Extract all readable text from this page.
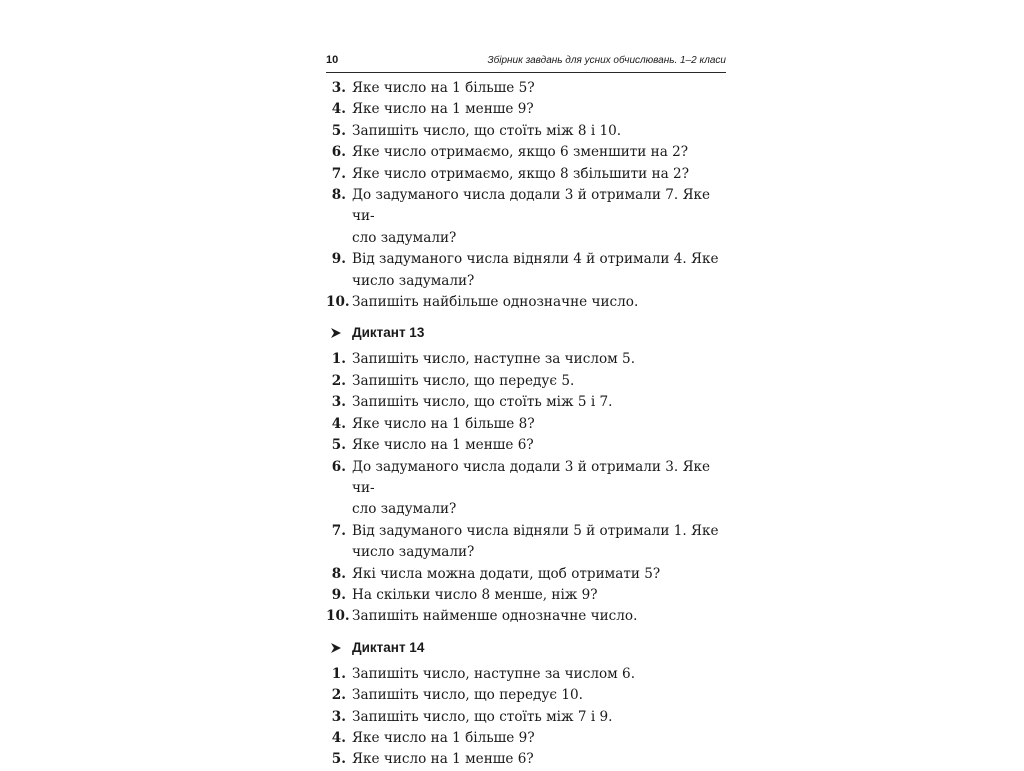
10	Збірник завдань для усних обчислювань. 1–2 класи
3. Яке число на 1 більше 5?
4. Яке число на 1 менше 9?
5. Запишіть число, що стоїть між 8 і 10.
6. Яке число отримаємо, якщо 6 зменшити на 2?
7. Яке число отримаємо, якщо 8 збільшити на 2?
8. До задуманого числа додали 3 й отримали 7. Яке чи-
сло задумали?
9. Від задуманого числа відняли 4 й отримали 4. Яке
число задумали?
10. Запишіть найбільше однозначне число.
Диктант 13
1. Запишіть число, наступне за числом 5.
2. Запишіть число, що передує 5.
3. Запишіть число, що стоїть між 5 і 7.
4. Яке число на 1 більше 8?
5. Яке число на 1 менше 6?
6. До задуманого числа додали 3 й отримали 3. Яке чи-
сло задумали?
7. Від задуманого числа відняли 5 й отримали 1. Яке
число задумали?
8. Які числа можна додати, щоб отримати 5?
9. На скільки число 8 менше, ніж 9?
10. Запишіть найменше однозначне число.
Диктант 14
1. Запишіть число, наступне за числом 6.
2. Запишіть число, що передує 10.
3. Запишіть число, що стоїть між 7 і 9.
4. Яке число на 1 більше 9?
5. Яке число на 1 менше 6?
